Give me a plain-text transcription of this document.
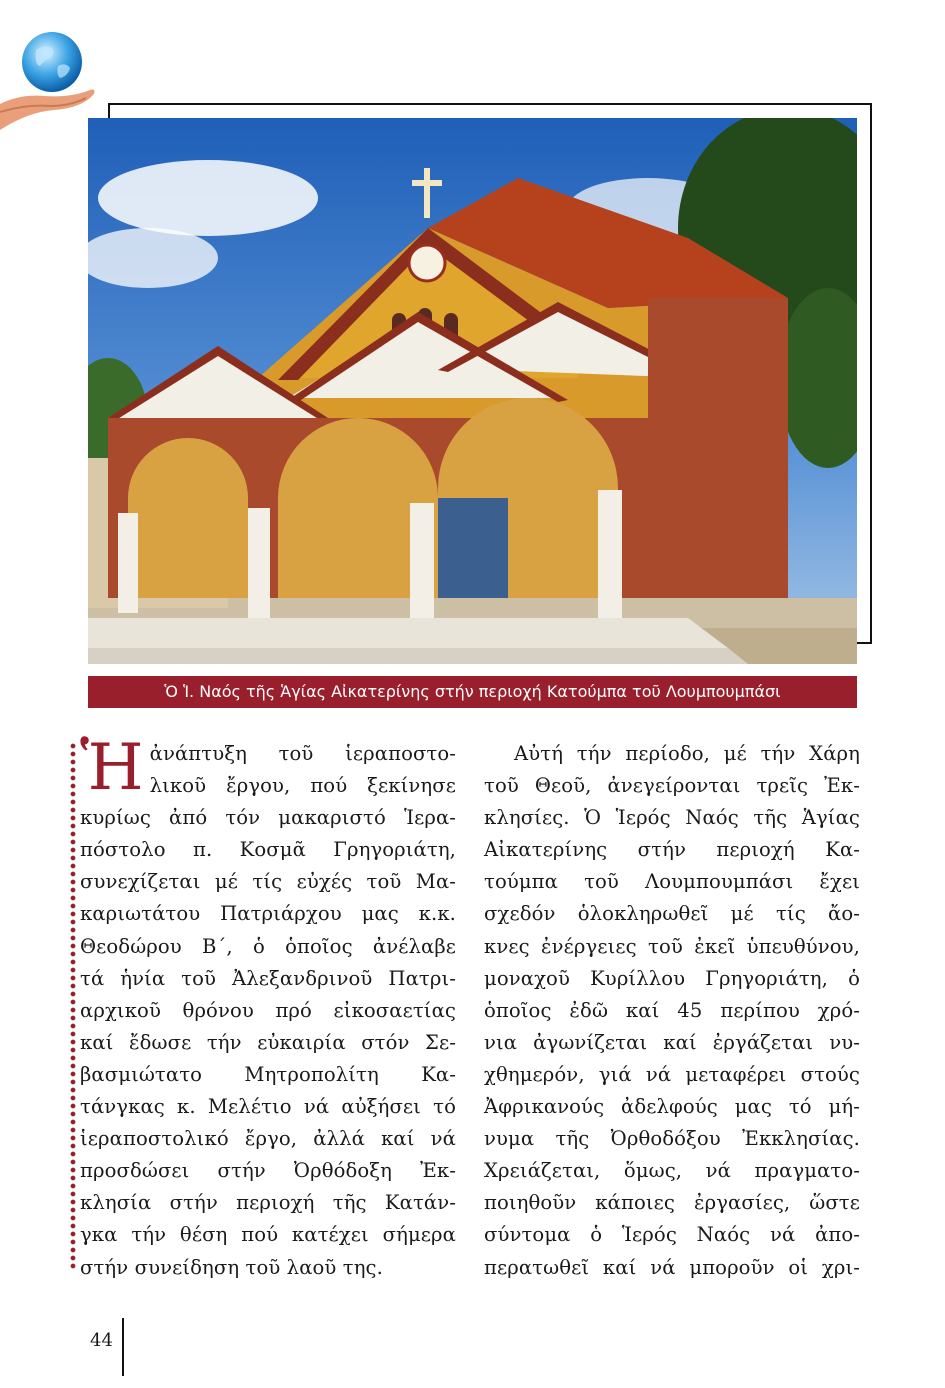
Ὁ Ἱ. Ναός τῆς Ἁγίας Αἰκατερίνης στήν περιοχή Κατούμπα τοῦ Λουμπουμπάσι
Ἡ ἀνάπτυξη τοῦ ἱεραποστο-
λικοῦ ἔργου, πού ξεκίνησε
κυρίως ἀπό τόν μακαριστό Ἱερα-
πόστολο π. Κοσμᾶ Γρηγοριάτη,
συνεχίζεται μέ τίς εὐχές τοῦ Μα-
καριωτάτου Πατριάρχου μας κ.κ.
Θεοδώρου Β΄, ὁ ὁποῖος ἀνέλαβε
τά ἡνία τοῦ Ἀλεξανδρινοῦ Πατρι-
αρχικοῦ θρόνου πρό εἰκοσαετίας
καί ἔδωσε τήν εὐκαιρία στόν Σε-
βασμιώτατο Μητροπολίτη Κα-
τάνγκας κ. Μελέτιο νά αὐξήσει τό
ἱεραποστολικό ἔργο, ἀλλά καί νά
προσδώσει στήν Ὀρθόδοξη Ἐκ-
κλησία στήν περιοχή τῆς Κατάν-
γκα τήν θέση πού κατέχει σήμερα
στήν συνείδηση τοῦ λαοῦ της.
Αὐτή τήν περίοδο, μέ τήν Χάρη
τοῦ Θεοῦ, ἀνεγείρονται τρεῖς Ἐκ-
κλησίες. Ὁ Ἱερός Ναός τῆς Ἁγίας
Αἰκατερίνης στήν περιοχή Κα-
τούμπα τοῦ Λουμπουμπάσι ἔχει
σχεδόν ὁλοκληρωθεῖ μέ τίς ἄο-
κνες ἐνέργειες τοῦ ἐκεῖ ὑπευθύνου,
μοναχοῦ Κυρίλλου Γρηγοριάτη, ὁ
ὁποῖος ἐδῶ καί 45 περίπου χρό-
νια ἀγωνίζεται καί ἐργάζεται νυ-
χθημερόν, γιά νά μεταφέρει στούς
Ἀφρικανούς ἀδελφούς μας τό μή-
νυμα τῆς Ὀρθοδόξου Ἐκκλησίας.
Χρειάζεται, ὅμως, νά πραγματο-
ποιηθοῦν κάποιες ἐργασίες, ὥστε
σύντομα ὁ Ἱερός Ναός νά ἀπο-
περατωθεῖ καί νά μπορoῦν οἱ χρι-
44
